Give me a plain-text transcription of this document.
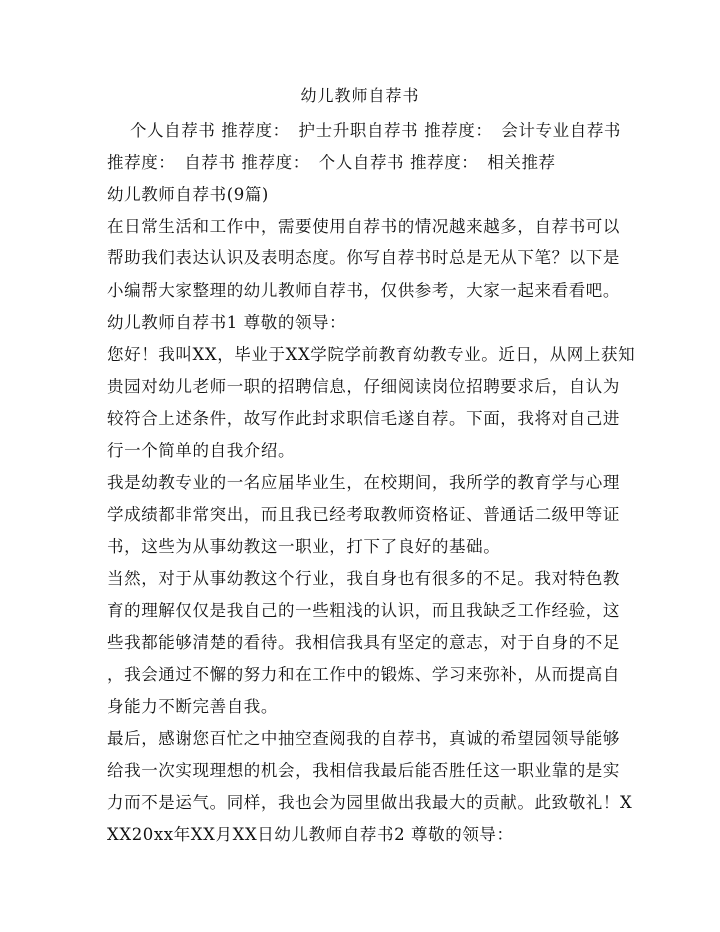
幼儿教师自荐书
　 个人自荐书 推荐度：　护士升职自荐书 推荐度：　会计专业自荐书
推荐度：　自荐书 推荐度：　个人自荐书 推荐度：　相关推荐
幼儿教师自荐书(9篇)
在日常生活和工作中，需要使用自荐书的情况越来越多，自荐书可以
帮助我们表达认识及表明态度。你写自荐书时总是无从下笔？以下是
小编帮大家整理的幼儿教师自荐书，仅供参考，大家一起来看看吧。
幼儿教师自荐书1 尊敬的领导：
您好！我叫XX，毕业于XX学院学前教育幼教专业。近日，从网上获知
贵园对幼儿老师一职的招聘信息，仔细阅读岗位招聘要求后，自认为
较符合上述条件，故写作此封求职信毛遂自荐。下面，我将对自己进
行一个简单的自我介绍。
我是幼教专业的一名应届毕业生，在校期间，我所学的教育学与心理
学成绩都非常突出，而且我已经考取教师资格证、普通话二级甲等证
书，这些为从事幼教这一职业，打下了良好的基础。
当然，对于从事幼教这个行业，我自身也有很多的不足。我对特色教
育的理解仅仅是我自己的一些粗浅的认识，而且我缺乏工作经验，这
些我都能够清楚的看待。我相信我具有坚定的意志，对于自身的不足
，我会通过不懈的努力和在工作中的锻炼、学习来弥补，从而提高自
身能力不断完善自我。
最后，感谢您百忙之中抽空查阅我的自荐书，真诚的希望园领导能够
给我一次实现理想的机会，我相信我最后能否胜任这一职业靠的是实
力而不是运气。同样，我也会为园里做出我最大的贡献。此致敬礼！X
XX20xx年XX月XX日幼儿教师自荐书2 尊敬的领导：
